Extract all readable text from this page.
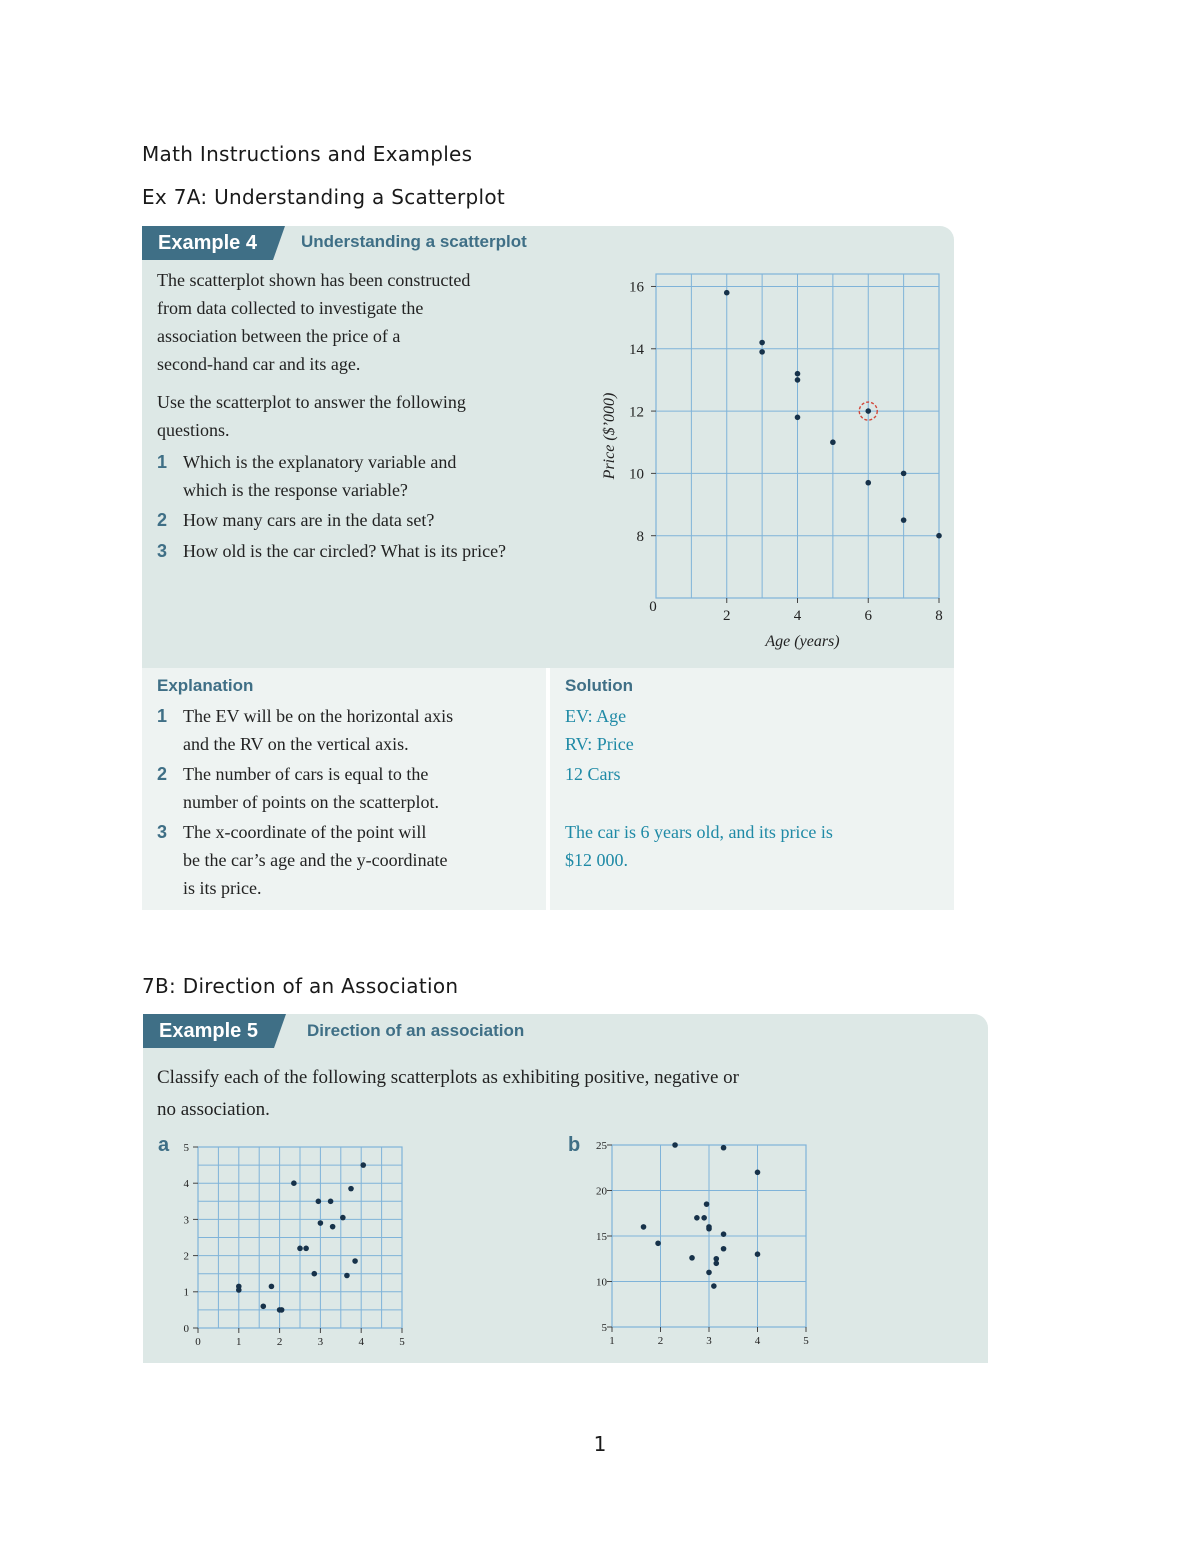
Math Instructions and Examples
Ex 7A: Understanding a Scatterplot
Example 4	Understanding a scatterplot
The scatterplot shown has been constructed
from data collected to investigate the
association between the price of a
second-hand car and its age.
Use the scatterplot to answer the following
questions.
1 Which is the explanatory variable and
which is the response variable?
2 How many cars are in the data set?
3 How old is the car circled? What is its price?
2	4	6	8
8
10
12
14
16
0
Age (years)
Price ($’000)
Explanation
1 The EV will be on the horizontal axis
and the RV on the vertical axis.
2 The number of cars is equal to the
number of points on the scatterplot.
3 The x-coordinate of the point will
be the car’s age and the y-coordinate
is its price.
Solution
EV: Age
RV: Price
12 Cars
The car is 6 years old, and its price is
$12 000.
7B: Direction of an Association
Example 5	Direction of an association
Classify each of the following scatterplots as exhibiting positive, negative or
no association.
a	b
0	1	2	3	4	5
0
1
2
3
4
5
1	2	3	4	5
5
10
15
20
25
1
